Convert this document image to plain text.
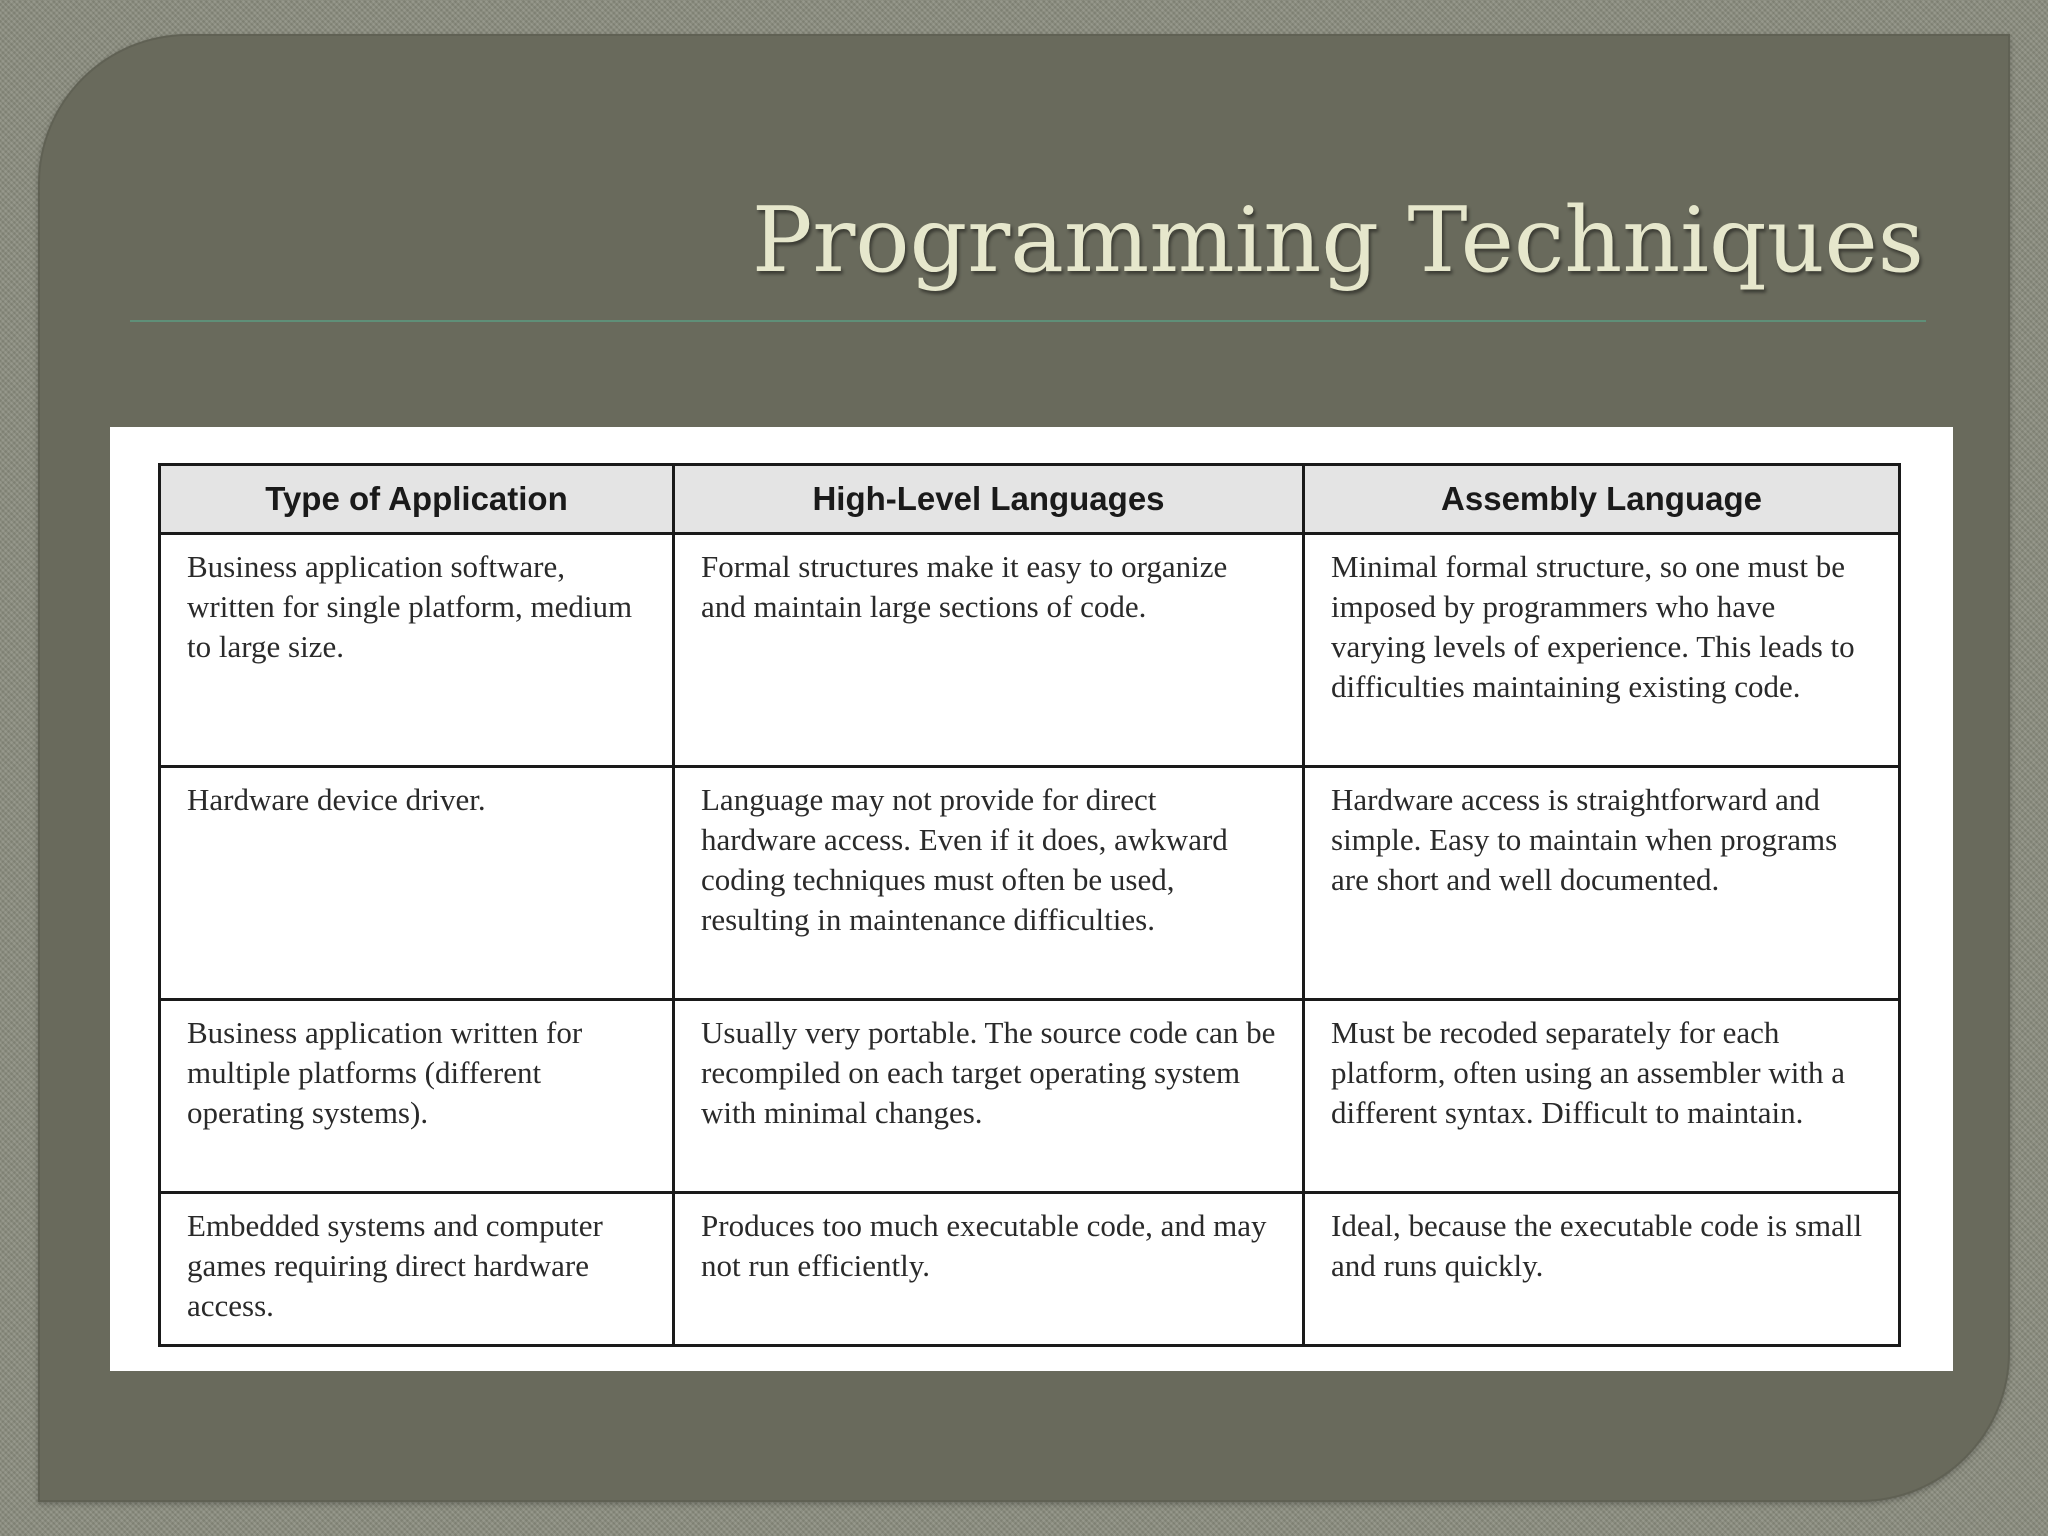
Programming Techniques
Type of Application	High-Level Languages	Assembly Language
Business application software, written for single platform, medium to large size.	Formal structures make it easy to organize and maintain large sections of code.	Minimal formal structure, so one must be imposed by programmers who have varying levels of experience. This leads to difficulties maintaining existing code.
Hardware device driver.	Language may not provide for direct hardware access. Even if it does, awkward coding techniques must often be used, resulting in maintenance difficulties.	Hardware access is straightforward and simple. Easy to maintain when programs are short and well documented.
Business application written for multiple platforms (different operating systems).	Usually very portable. The source code can be recompiled on each target operating system with minimal changes.	Must be recoded separately for each platform, often using an assembler with a different syntax. Difficult to maintain.
Embedded systems and computer games requiring direct hardware access.	Produces too much executable code, and may not run efficiently.	Ideal, because the executable code is small and runs quickly.
